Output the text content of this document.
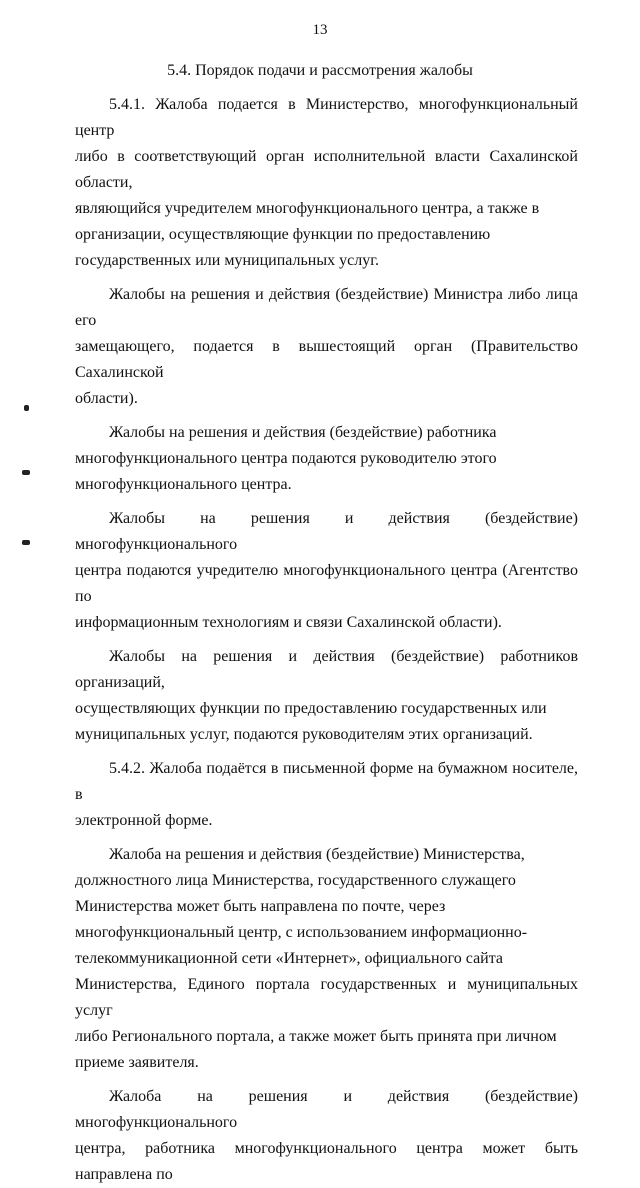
13
5.4. Порядок подачи и рассмотрения жалобы

5.4.1. Жалоба подается в Министерство, многофункциональный центр
либо в соответствующий орган исполнительной власти Сахалинской области,
являющийся учредителем многофункционального центра, а также в
организации, осуществляющие функции по предоставлению
государственных или муниципальных услуг.

Жалобы на решения и действия (бездействие) Министра либо лица его
замещающего, подается в вышестоящий орган (Правительство Сахалинской
области).

Жалобы на решения и действия (бездействие) работника
многофункционального центра подаются руководителю этого
многофункционального центра.

Жалобы на решения и действия (бездействие) многофункционального
центра подаются учредителю многофункционального центра (Агентство по
информационным технологиям и связи Сахалинской области).

Жалобы на решения и действия (бездействие) работников организаций,
осуществляющих функции по предоставлению государственных или
муниципальных услуг, подаются руководителям этих организаций.

5.4.2. Жалоба подаётся в письменной форме на бумажном носителе, в
электронной форме.

Жалоба на решения и действия (бездействие) Министерства,
должностного лица Министерства, государственного служащего
Министерства может быть направлена по почте, через
многофункциональный центр, с использованием информационно-
телекоммуникационной сети «Интернет», официального сайта
Министерства, Единого портала государственных и муниципальных услуг
либо Регионального портала, а также может быть принята при личном
приеме заявителя.

Жалоба на решения и действия (бездействие) многофункционального
центра, работника многофункционального центра может быть направлена по
